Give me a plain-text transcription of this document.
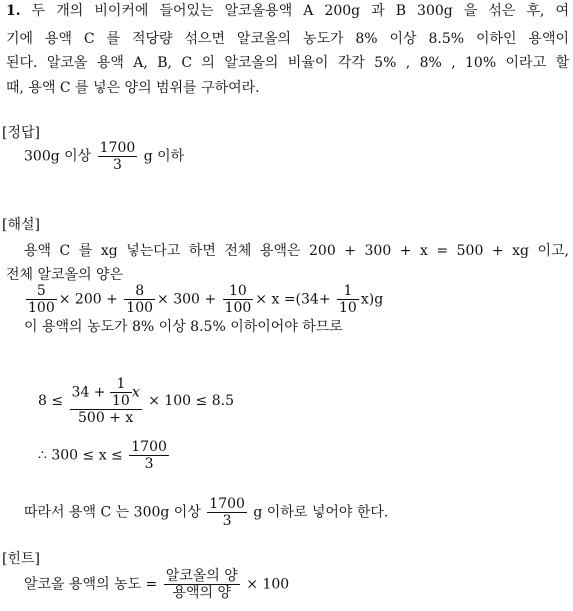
1. 두 개의 비이커에 들어있는 알코올용액 A 200g 과 B 300g 을 섞은 후, 여
기에 용액 C 를 적당량 섞으면 알코올의 농도가 8% 이상 8.5% 이하인 용액이
된다. 알코올 용액 A, B, C 의 알코올의 비율이 각각 5% , 8% , 10% 이라고 할
때, 용액 C 를 넣은 양의 범위를 구하여라.
[정답]
300g 이상 $\frac{1700}{3}$ g 이하
[해설]
용액 C 를 xg 넣는다고 하면 전체 용액은 200 + 300 + x = 500 + xg 이고,
전체 알코올의 양은
$\frac{5}{100} \times 200 + \frac{8}{100} \times 300 + \frac{10}{100} \times x =(34+ \frac{1}{10} x)g$
이 용액의 농도가 8% 이상 8.5% 이하이어야 하므로
$8 \le \frac{34 + \frac{1}{10} x}{500 + x} \times 100 \le 8.5$
∴ $300 \le x \le \frac{1700}{3}$
따라서 용액 C 는 300g 이상 $\frac{1700}{3}$ g 이하로 넣어야 한다.
[힌트]
알코올 용액의 농도 = $\frac{\text{알코올의 양}}{\text{용액의 양}} \times 100$
